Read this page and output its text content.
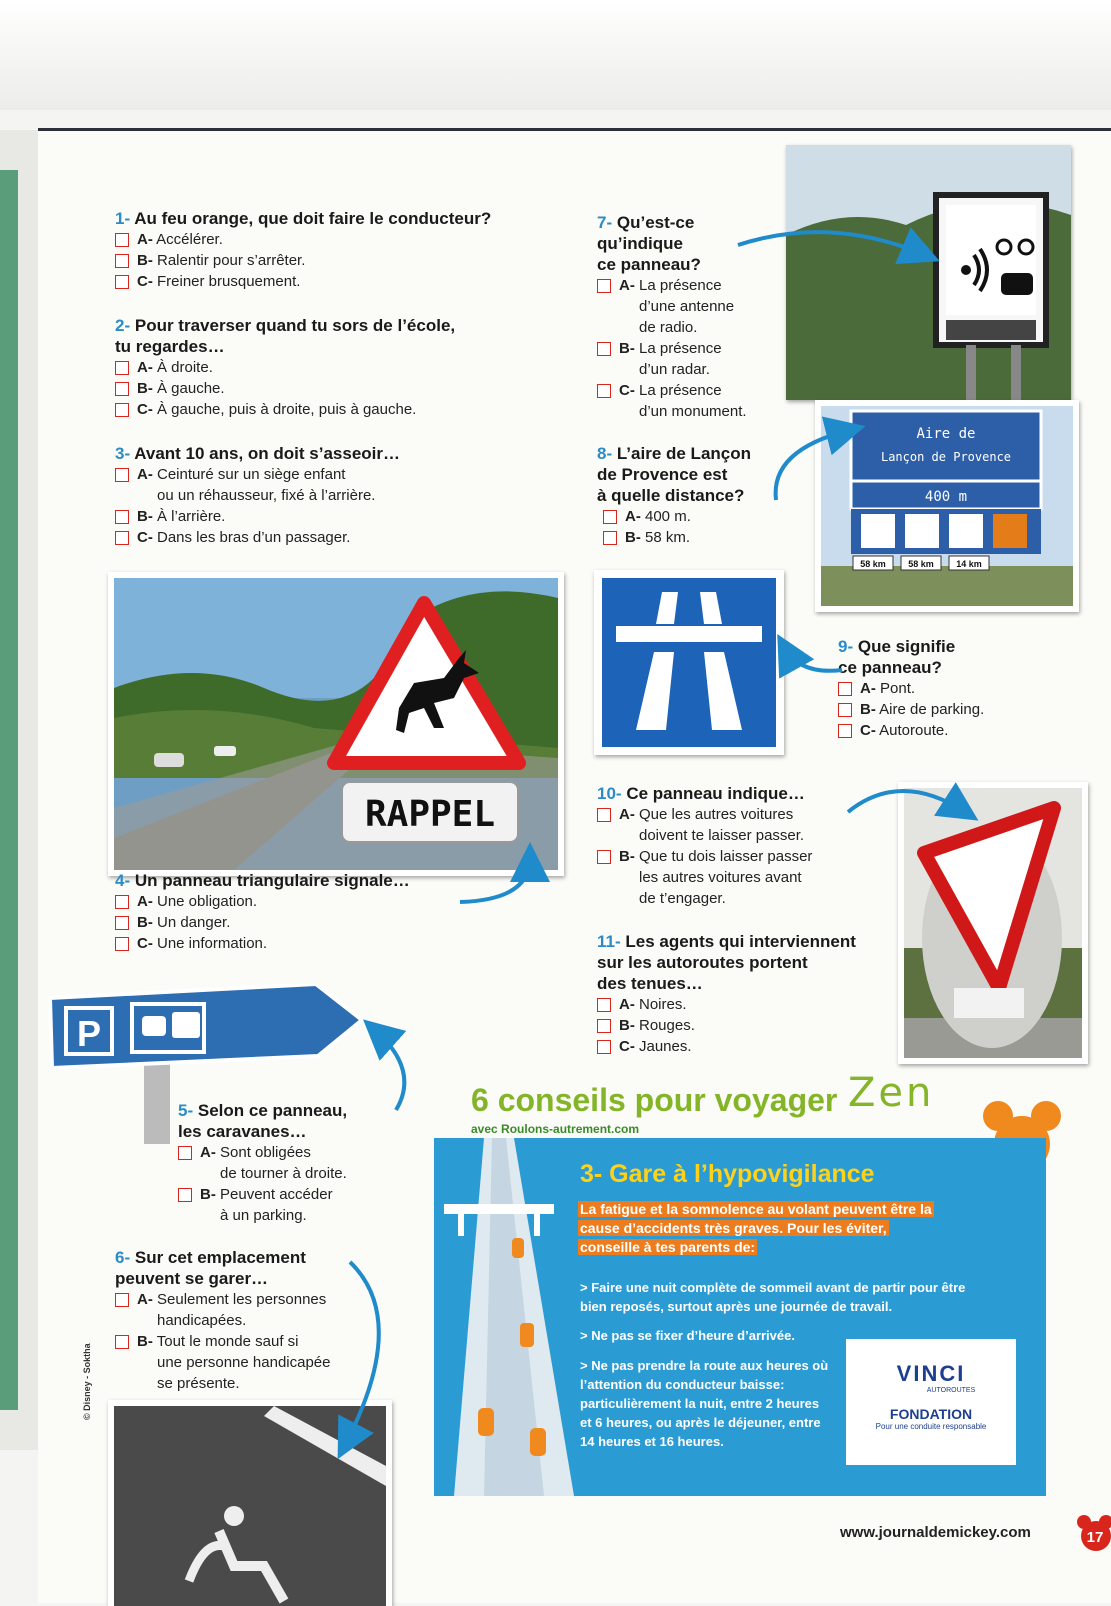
1- Au feu orange, que doit faire le conducteur?
A- Accélérer.
B- Ralentir pour s’arrêter.
C- Freiner brusquement.
2- Pour traverser quand tu sors de l’école,
tu regardes…
A- À droite.
B- À gauche.
C- À gauche, puis à droite, puis à gauche.
3- Avant 10 ans, on doit s’asseoir…
A- Ceinturé sur un siège enfant
ou un réhausseur, fixé à l’arrière.
B- À l’arrière.
C- Dans les bras d’un passager.
RAPPEL
4- Un panneau triangulaire signale…
A- Une obligation.
B- Un danger.
C- Une information.
P
5- Selon ce panneau,
les caravanes…
A- Sont obligées
de tourner à droite.
B- Peuvent accéder
à un parking.
6- Sur cet emplacement
peuvent se garer…
A- Seulement les personnes
handicapées.
B- Tout le monde sauf si
une personne handicapée
se présente.
© Disney - Soktha
7- Qu’est-ce
qu’indique
ce panneau?
A- La présence
d’une antenne
de radio.
B- La présence
d’un radar.
C- La présence
d’un monument.
Aire de
Lançon de Provence
400 m
58 km 58 km 14 km
8- L’aire de Lançon
de Provence est
à quelle distance?
A- 400 m.
B- 58 km.
9- Que signifie
ce panneau?
A- Pont.
B- Aire de parking.
C- Autoroute.
10- Ce panneau indique…
A- Que les autres voitures
doivent te laisser passer.
B- Que tu dois laisser passer
les autres voitures avant
de t’engager.
11- Les agents qui interviennent
sur les autoroutes portent
des tenues…
A- Noires.
B- Rouges.
C- Jaunes.
6 conseils pour voyager Zen
avec Roulons-autrement.com
3- Gare à l’hypovigilance
La fatigue et la somnolence au volant peuvent être la cause d’accidents très graves. Pour les éviter, conseille à tes parents de:
> Faire une nuit complète de sommeil avant de partir pour être bien reposés, surtout après une journée de travail.
> Ne pas se fixer d’heure d’arrivée.
> Ne pas prendre la route aux heures où l’attention du conducteur baisse: particulièrement la nuit, entre 2 heures et 6 heures, ou après le déjeuner, entre 14 heures et 16 heures.
VINCI
AUTOROUTES
FONDATION
Pour une conduite responsable
www.journaldemickey.com	17
